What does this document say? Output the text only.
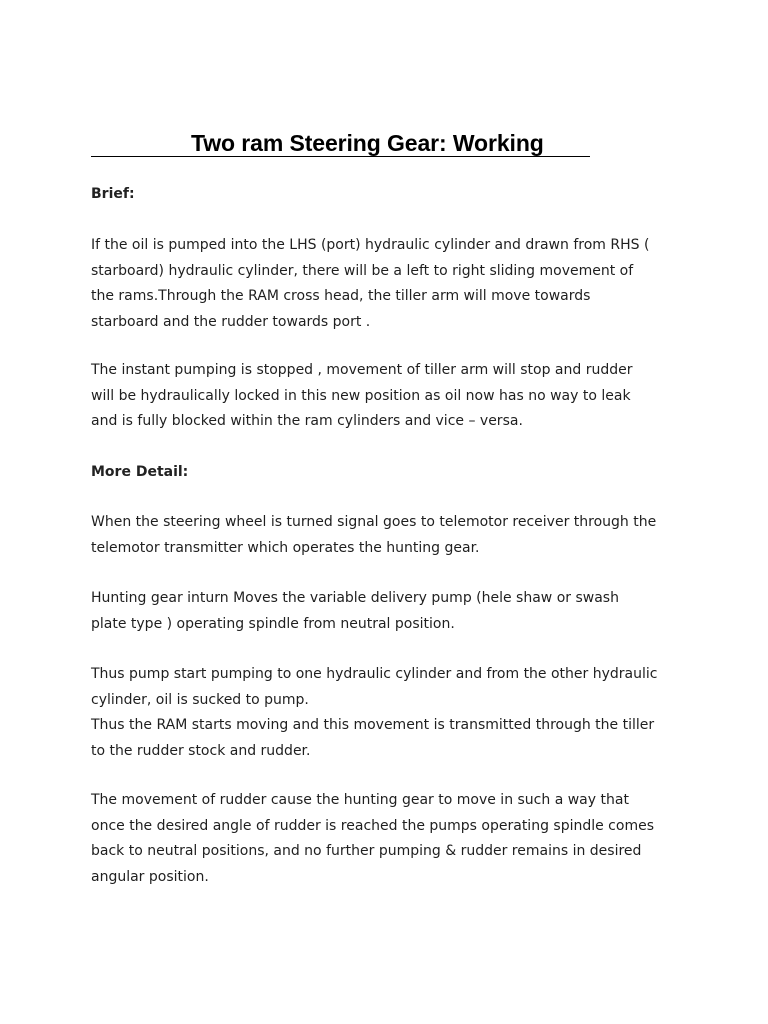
Two ram Steering Gear: Working
Brief:
If the oil is pumped into the LHS (port) hydraulic cylinder and drawn from RHS (
starboard) hydraulic cylinder, there will be a left to right sliding movement of
the rams.Through the RAM cross head, the tiller arm will move towards
starboard and the rudder towards port .
The instant pumping is stopped , movement of tiller arm will stop and rudder
will be hydraulically locked in this new position as oil now has no way to leak
and is fully blocked within the ram cylinders and vice – versa.
More Detail:
When the steering wheel is turned signal goes to telemotor receiver through the
telemotor transmitter which operates the hunting gear.
Hunting gear inturn Moves the variable delivery pump (hele shaw or swash
plate type ) operating spindle from neutral position.
Thus pump start pumping to one hydraulic cylinder and from the other hydraulic
cylinder, oil is sucked to pump.
Thus the RAM starts moving and this movement is transmitted through the tiller
to the rudder stock and rudder.
The movement of rudder cause the hunting gear to move in such a way that
once the desired angle of rudder is reached the pumps operating spindle comes
back to neutral positions, and no further pumping & rudder remains in desired
angular position.
